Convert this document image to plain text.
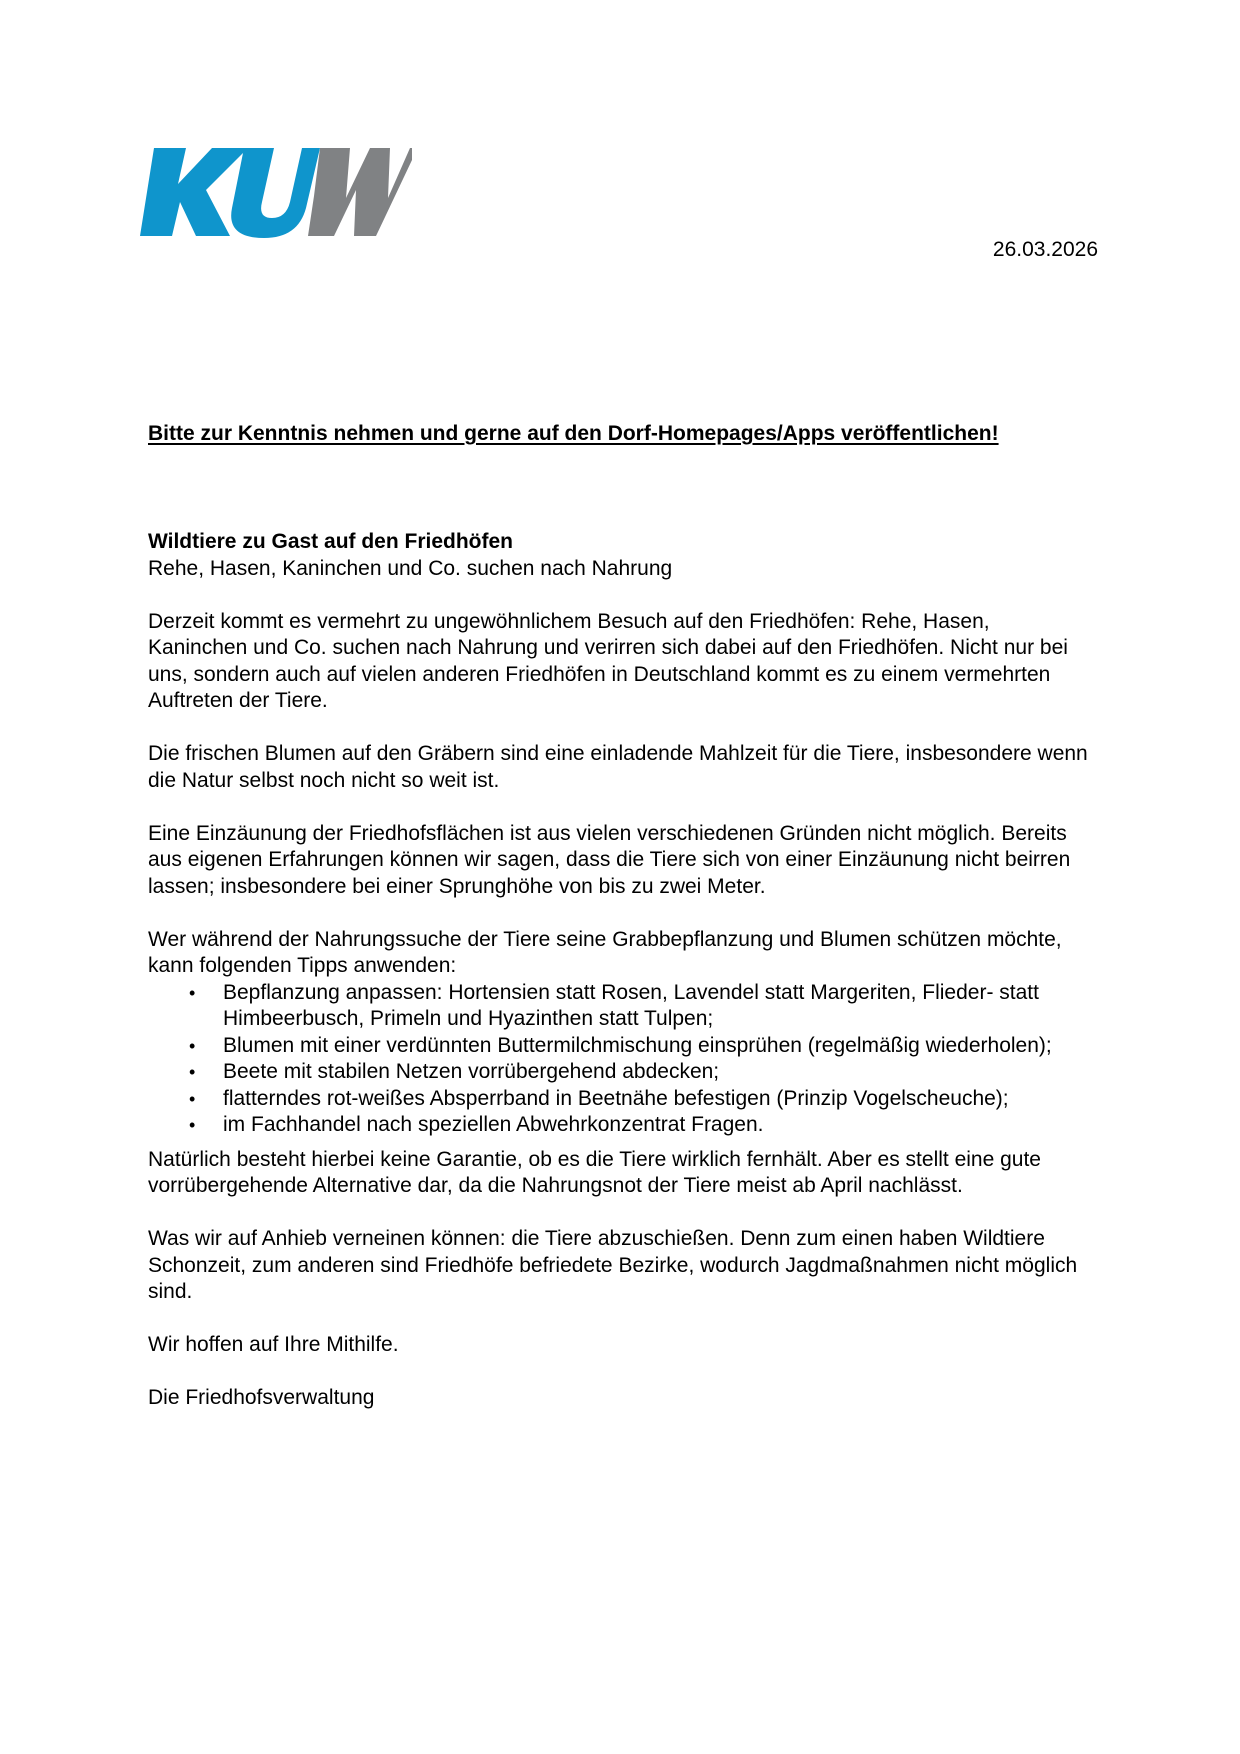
26.03.2026
Bitte zur Kenntnis nehmen und gerne auf den Dorf-Homepages/Apps veröffentlichen!
Wildtiere zu Gast auf den Friedhöfen
Rehe, Hasen, Kaninchen und Co. suchen nach Nahrung

Derzeit kommt es vermehrt zu ungewöhnlichem Besuch auf den Friedhöfen: Rehe, Hasen, Kaninchen und Co. suchen nach Nahrung und verirren sich dabei auf den Friedhöfen. Nicht nur bei uns, sondern auch auf vielen anderen Friedhöfen in Deutschland kommt es zu einem vermehrten Auftreten der Tiere.

Die frischen Blumen auf den Gräbern sind eine einladende Mahlzeit für die Tiere, insbesondere wenn die Natur selbst noch nicht so weit ist.

Eine Einzäunung der Friedhofsflächen ist aus vielen verschiedenen Gründen nicht möglich. Bereits aus eigenen Erfahrungen können wir sagen, dass die Tiere sich von einer Einzäunung nicht beirren lassen; insbesondere bei einer Sprunghöhe von bis zu zwei Meter.

Wer während der Nahrungssuche der Tiere seine Grabbepflanzung und Blumen schützen möchte, kann folgenden Tipps anwenden:

• Bepflanzung anpassen: Hortensien statt Rosen, Lavendel statt Margeriten, Flieder- statt Himbeerbusch, Primeln und Hyazinthen statt Tulpen;
• Blumen mit einer verdünnten Buttermilchmischung einsprühen (regelmäßig wiederholen);
• Beete mit stabilen Netzen vorrübergehend abdecken;
• flatterndes rot-weißes Absperrband in Beetnähe befestigen (Prinzip Vogelscheuche);
• im Fachhandel nach speziellen Abwehrkonzentrat Fragen.

Natürlich besteht hierbei keine Garantie, ob es die Tiere wirklich fernhält. Aber es stellt eine gute vorrübergehende Alternative dar, da die Nahrungsnot der Tiere meist ab April nachlässt.

Was wir auf Anhieb verneinen können: die Tiere abzuschießen. Denn zum einen haben Wildtiere Schonzeit, zum anderen sind Friedhöfe befriedete Bezirke, wodurch Jagdmaßnahmen nicht möglich sind.

Wir hoffen auf Ihre Mithilfe.

Die Friedhofsverwaltung
